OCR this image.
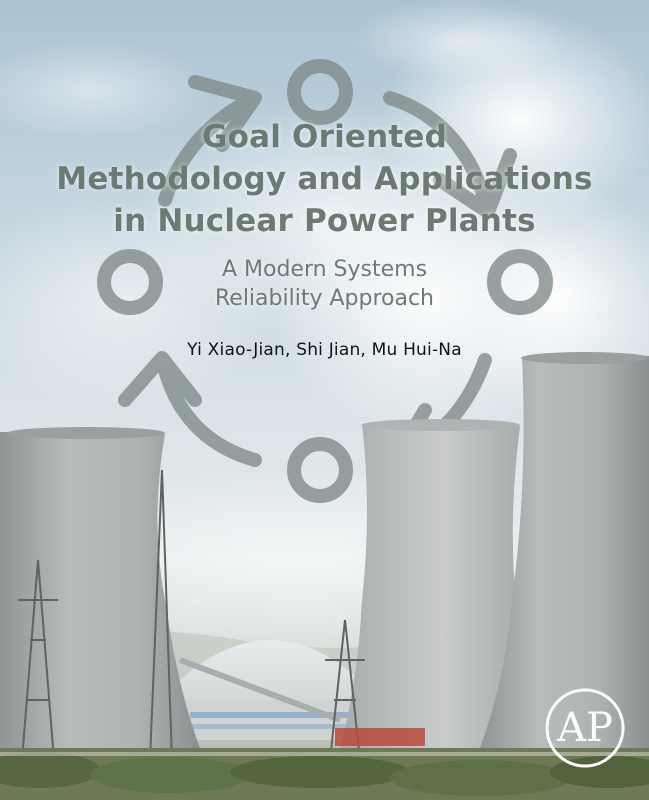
Goal Oriented
Methodology and Applications
in Nuclear Power Plants
A Modern Systems
Reliability Approach
Yi Xiao-Jian, Shi Jian, Mu Hui-Na
AP
